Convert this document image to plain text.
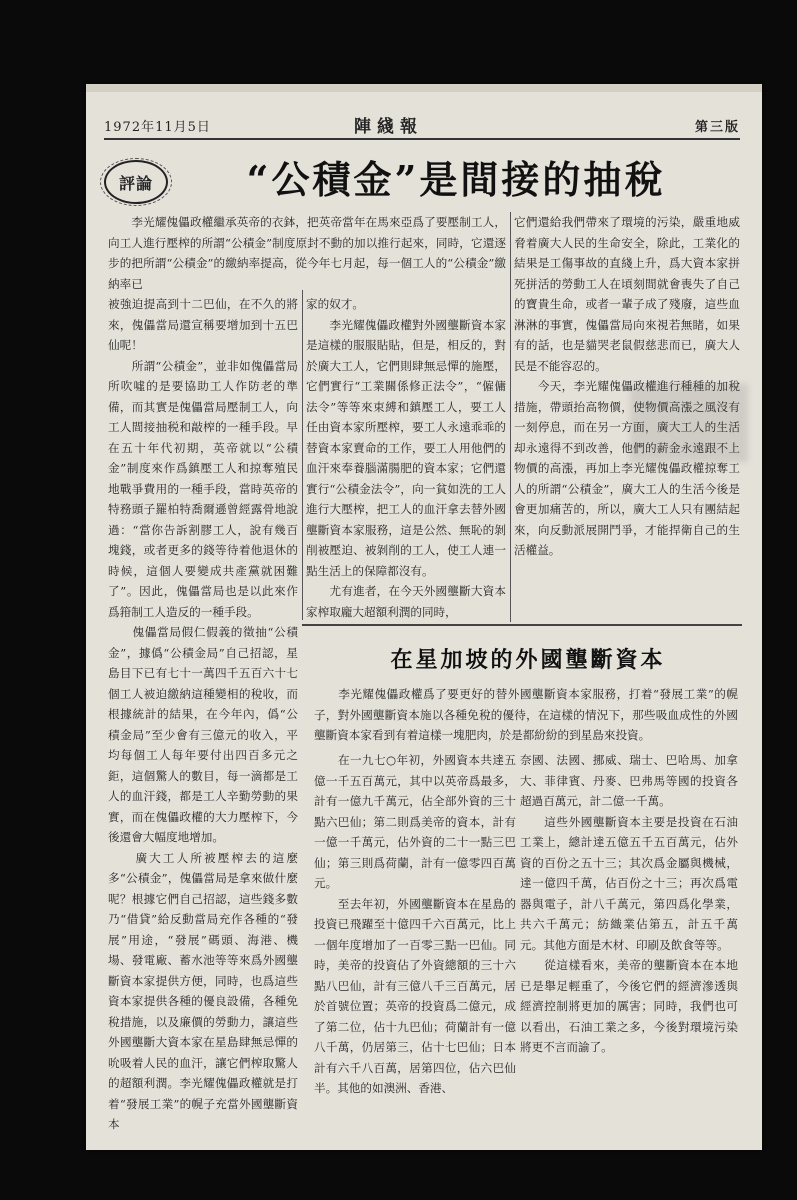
1972年11月5日	陣綫報	第三版
評論	“公積金”是間接的抽稅
　　李光耀傀儡政權繼承英帝的衣鉢，把英帝當年在馬來亞爲了要壓制工人，向工人進行壓榨的所謂“公積金”制度原封不動的加以推行起來，同時，它還逐步的把所謂“公積金”的繳納率提高，從今年七月起，每一個工人的“公積金”繳納率已
被強迫提高到十二巴仙，在不久的將來，傀儡當局還宣稱要增加到十五巴仙呢！
　　所謂“公積金”，並非如傀儡當局所吹噓的是要協助工人作防老的準備，而其實是傀儡當局壓制工人，向工人間接抽税和敲榨的一種手段。早在五十年代初期，英帝就以“公積金”制度來作爲鎮壓工人和掠奪殖民地戰爭費用的一種手段，當時英帝的特務頭子羅柏特喬爾遜曾經露骨地說過：“當你告訴割膠工人，說有幾百塊錢，或者更多的錢等待着他退休的時候，這個人要變成共產黨就困難了”。因此，傀儡當局也是以此來作爲箝制工人造反的一種手段。
　　傀儡當局假仁假義的徵抽“公積金”，據僞“公積金局”自己招認，星島目下已有七十一萬四千五百六十七個工人被迫繳納這種變相的稅收，而根據統計的結果，在今年內，僞“公積金局”至少會有三億元的收入，平均每個工人每年要付出四百多元之鉅，這個驚人的數目，每一滴都是工人的血汗錢，都是工人辛勤勞動的果實，而在傀儡政權的大力壓榨下，今後還會大幅度地增加。
　　廣大工人所被壓榨去的這麼多“公積金”，傀儡當局是拿來做什麼呢？根據它們自己招認，這些錢多數乃“借貸”給反動當局充作各種的“發展”用途，“發展”碼頭、海港、機場、發電廠、蓄水池等等來爲外國壟斷資本家提供方便，同時，也爲這些資本家提供各種的優良設備，各種免稅措施，以及廉價的勞動力，讓這些外國壟斷大資本家在星島肆無忌憚的吮吸着人民的血汗，讓它們榨取驚人的超額利潤。李光耀傀儡政權就是打着“發展工業”的幌子充當外國壟斷資本
家的奴才。
　　李光耀傀儡政權對外國壟斷資本家是這樣的服服貼貼，但是，相反的，對於廣大工人，它們則肆無忌憚的施壓，它們實行“工業關係修正法令”，“僱傭法令”等等來束縛和鎮壓工人，要工人任由資本家所壓榨，要工人永遠乖乖的替資本家賣命的工作，要工人用他們的血汗來奉養腦滿腸肥的資本家；它們還實行“公積金法令”，向一貧如洗的工人進行大壓榨，把工人的血汗拿去替外國壟斷資本家服務，這是公然、無恥的剝削被壓迫、被剝削的工人，使工人連一點生活上的保障都沒有。
　　尤有進者，在今天外國壟斷大資本家榨取龐大超額利潤的同時，
它們還給我們帶來了環境的污染，嚴重地威脅着廣大人民的生命安全，除此，工業化的結果是工傷事故的直綫上升，爲大資本家拼死拼活的勞動工人在頃刻間就會喪失了自己的寶貴生命，或者一輩子成了殘廢，這些血淋淋的事實，傀儡當局向來視若無睹，如果有的話，也是貓哭老鼠假慈悲而已，廣大人民是不能容忍的。
　　今天，李光耀傀儡政權進行種種的加稅措施，帶頭抬高物價，使物價高漲之風沒有一刻停息，而在另一方面，廣大工人的生活却永遠得不到改善，他們的薪金永遠跟不上物價的高漲，再加上李光耀傀儡政權掠奪工人的所謂“公積金”，廣大工人的生活今後是會更加痛苦的，所以，廣大工人只有團結起來，向反動派展開鬥爭，才能捍衛自己的生活權益。
在星加坡的外國壟斷資本
　　李光耀傀儡政權爲了要更好的替外國壟斷資本家服務，打着“發展工業”的幌子，對外國壟斷資本施以各種免稅的優待，在這樣的情況下，那些吸血成性的外國壟斷資本家看到有着這樣一塊肥肉，於是都紛紛的到星島來投資。
　　在一九七○年初，外國資本共達五億一千五百萬元，其中以英帝爲最多，計有一億九千萬元，佔全部外資的三十　點六巴仙；第二則爲美帝的資本，計有一億一千萬元，佔外資的二十一點三巴仙；第三則爲荷蘭，計有一億零四百萬元。
　　至去年初，外國壟斷資本在星島的投資已飛躍至十億四千六百萬元，比上一個年度增加了一百零三點一巴仙。同時，美帝的投資佔了外資總額的三十六點八巴仙，計有三億八千三百萬元，居於首號位置；英帝的投資爲二億元，成了第二位，佔十九巴仙；荷蘭計有一億八千萬，仍居第三，佔十七巴仙；日本計有六千八百萬，居第四位，佔六巴仙半。其他的如澳洲、香港、
奈國、法國、挪威、瑞士、巴哈馬、加拿大、菲律賓、丹麥、巴弗馬等國的投資各超過百萬元，計二億一千萬。
　　這些外國壟斷資本主要是投資在石油工業上，總計達五億五千五百萬元，佔外資的百份之五十三；其次爲金屬與機械，達一億四千萬，佔百份之十三；再次爲電器與電子，計八千萬元，第四爲化學業，共六千萬元；紡織業佔第五，計五千萬元。其他方面是木材、印刷及飲食等等。
　　從這樣看來，美帝的壟斷資本在本地已是舉足輕重了，今後它們的經濟滲透與經濟控制將更加的厲害；同時，我們也可以看出，石油工業之多，今後對環境污染將更不言而諭了。
